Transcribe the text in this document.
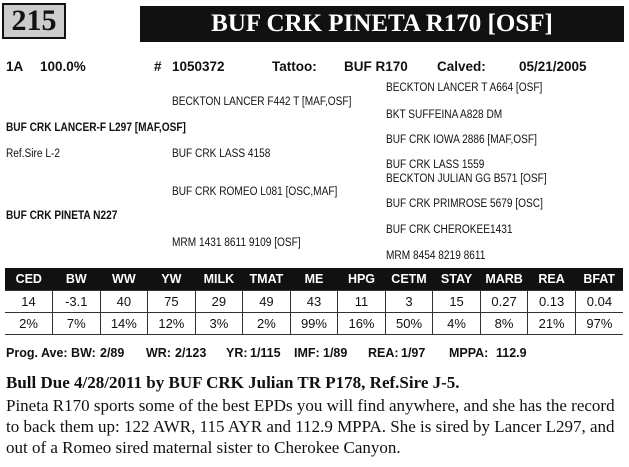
215	BUF CRK PINETA R170 [OSF]
1A 100.0%	# 1050372	Tattoo: BUF R170 Calved: 05/21/2005
BECKTON LANCER T A664 [OSF]
BECKTON LANCER F442 T [MAF,OSF]
BKT SUFFEINA A828 DM
BUF CRK LANCER-F L297 [MAF,OSF]
BUF CRK IOWA 2886 [MAF,OSF]
Ref.Sire L-2	BUF CRK LASS 4158
BUF CRK LASS 1559
BECKTON JULIAN GG B571 [OSF]
BUF CRK ROMEO L081 [OSC,MAF]
BUF CRK PRIMROSE 5679 [OSC]
BUF CRK PINETA N227
BUF CRK CHEROKEE1431
MRM 1431 8611 9109 [OSF]
MRM 8454 8219 8611
CED	BW	WW	YW	MILK	TMAT	ME	HPG	CETM	STAY	MARB	REA	BFAT
14	-3.1	40	75	29	49	43	11	3	15	0.27	0.13	0.04
2%	7%	14%	12%	3%	2%	99%	16%	50%	4%	8%	21%	97%
Prog. Ave: BW: 2/89 WR: 2/123 YR: 1/115 IMF: 1/89 REA: 1/97 MPPA: 112.9
Bull Due 4/28/2011 by BUF CRK Julian TR P178, Ref.Sire J-5.
Pineta R170 sports some of the best EPDs you will find anywhere, and she has the record to back them up: 122 AWR, 115 AYR and 112.9 MPPA. She is sired by Lancer L297, and out of a Romeo sired maternal sister to Cherokee Canyon.
